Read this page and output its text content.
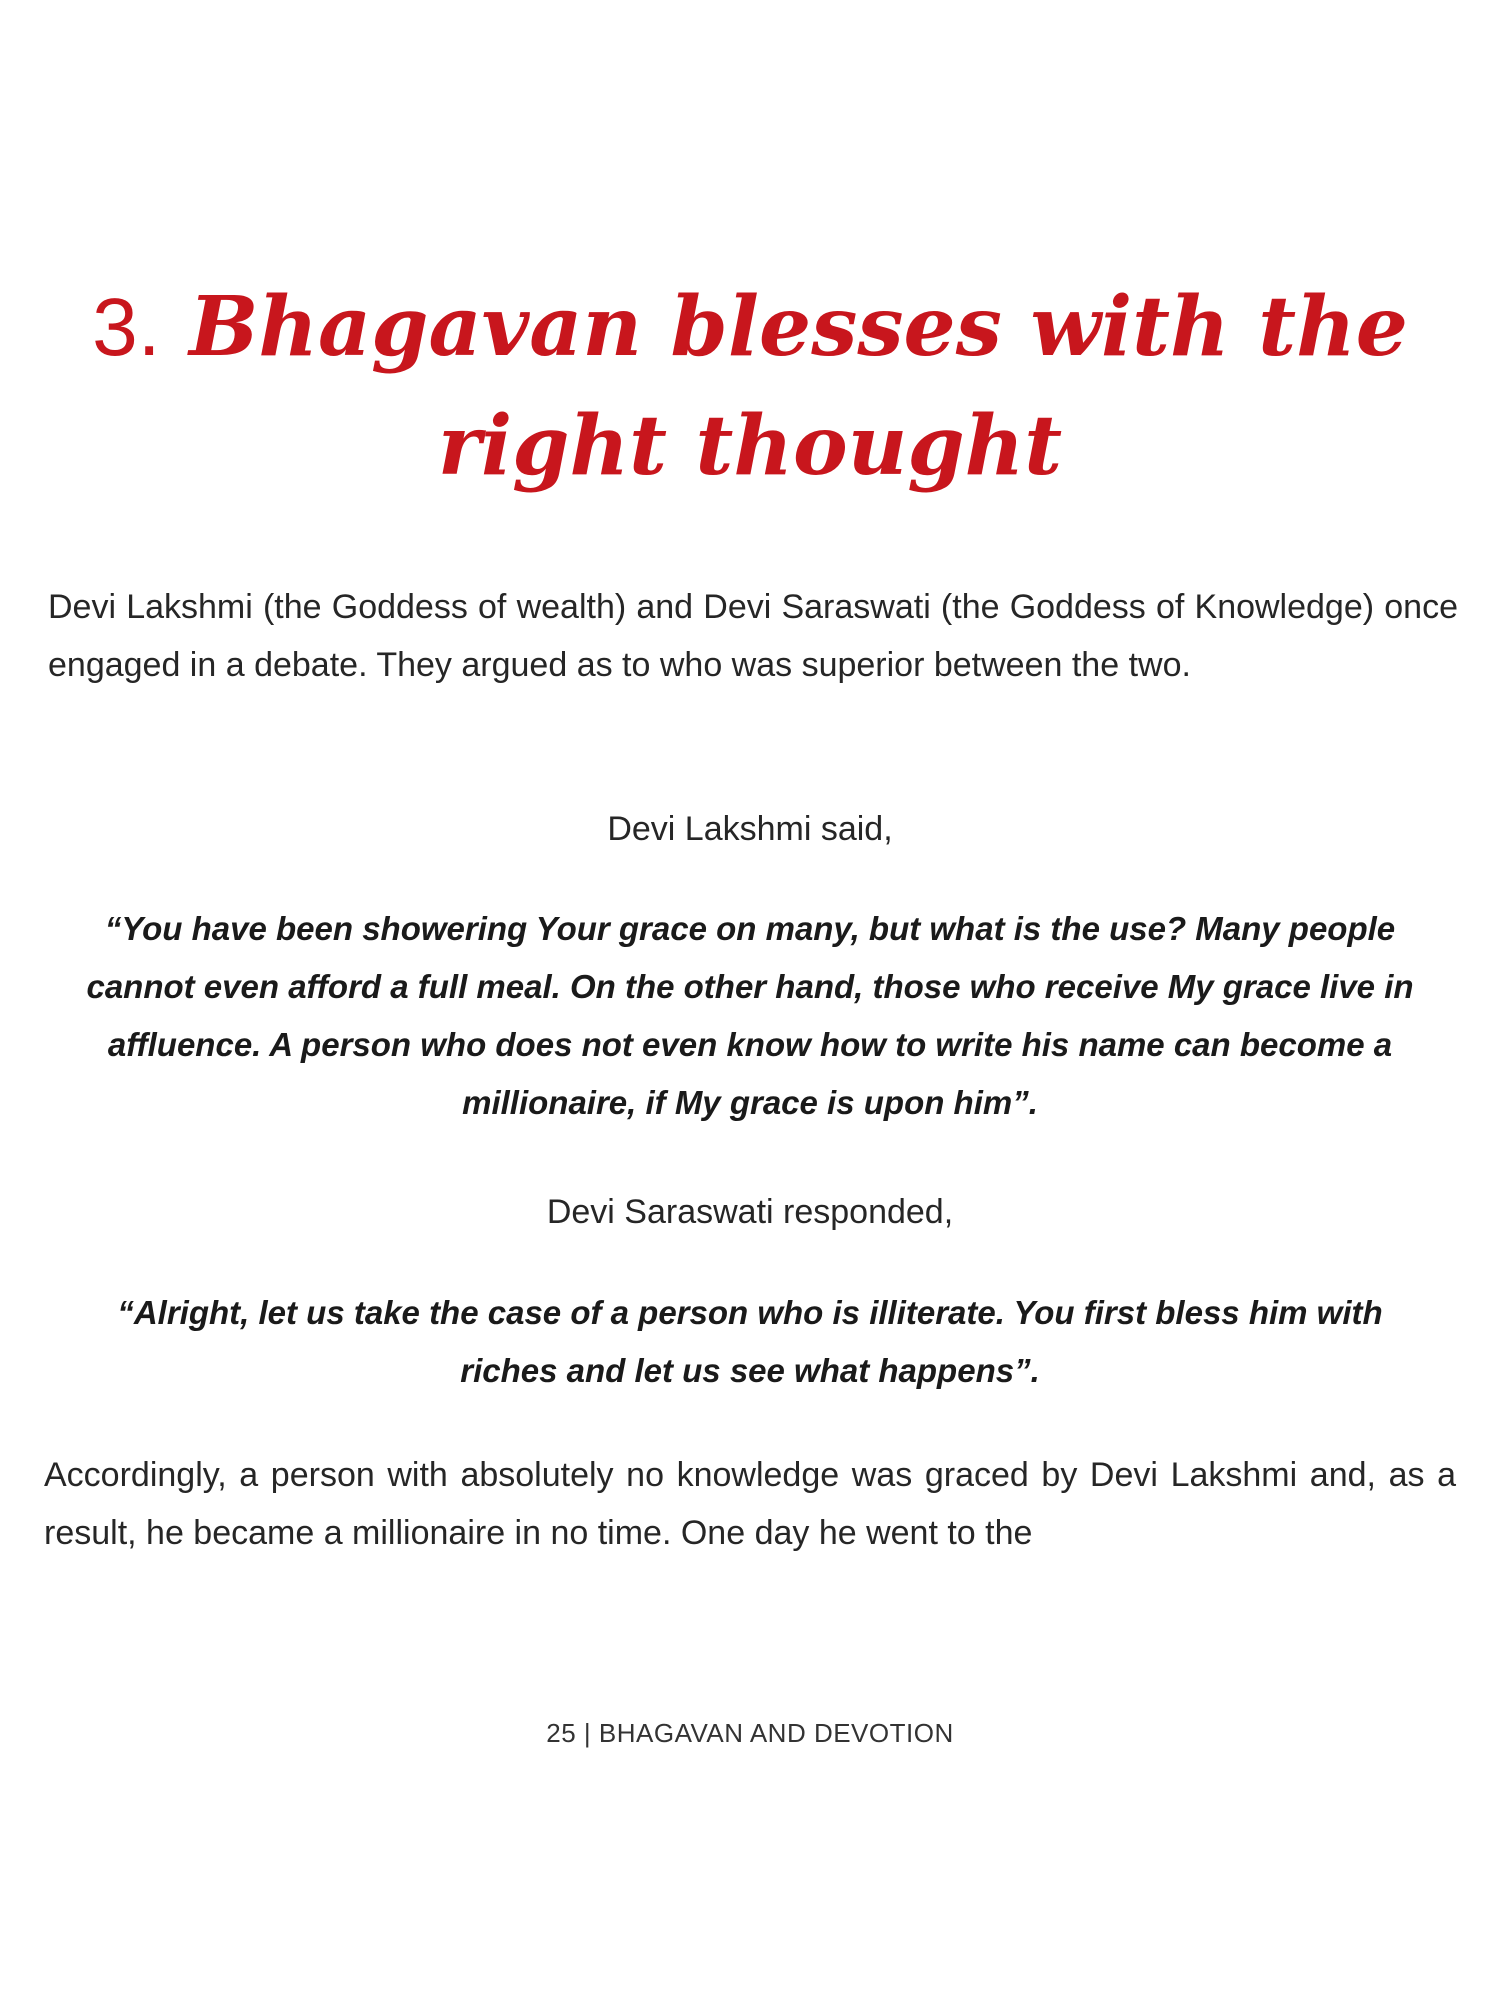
3. Bhagavan blesses with the
right thought

Devi Lakshmi (the Goddess of wealth) and Devi Saraswati (the Goddess of Knowledge) once engaged in a debate. They argued as to who was superior between the two.

Devi Lakshmi said,

“You have been showering Your grace on many, but what is the use? Many people cannot even afford a full meal. On the other hand, those who receive My grace live in affluence. A person who does not even know how to write his name can become a millionaire, if My grace is upon him”.

Devi Saraswati responded,

“Alright, let us take the case of a person who is illiterate. You first bless him with riches and let us see what happens”.

Accordingly, a person with absolutely no knowledge was graced by Devi Lakshmi and, as a result, he became a millionaire in no time. One day he went to the

25 | BHAGAVAN AND DEVOTION
